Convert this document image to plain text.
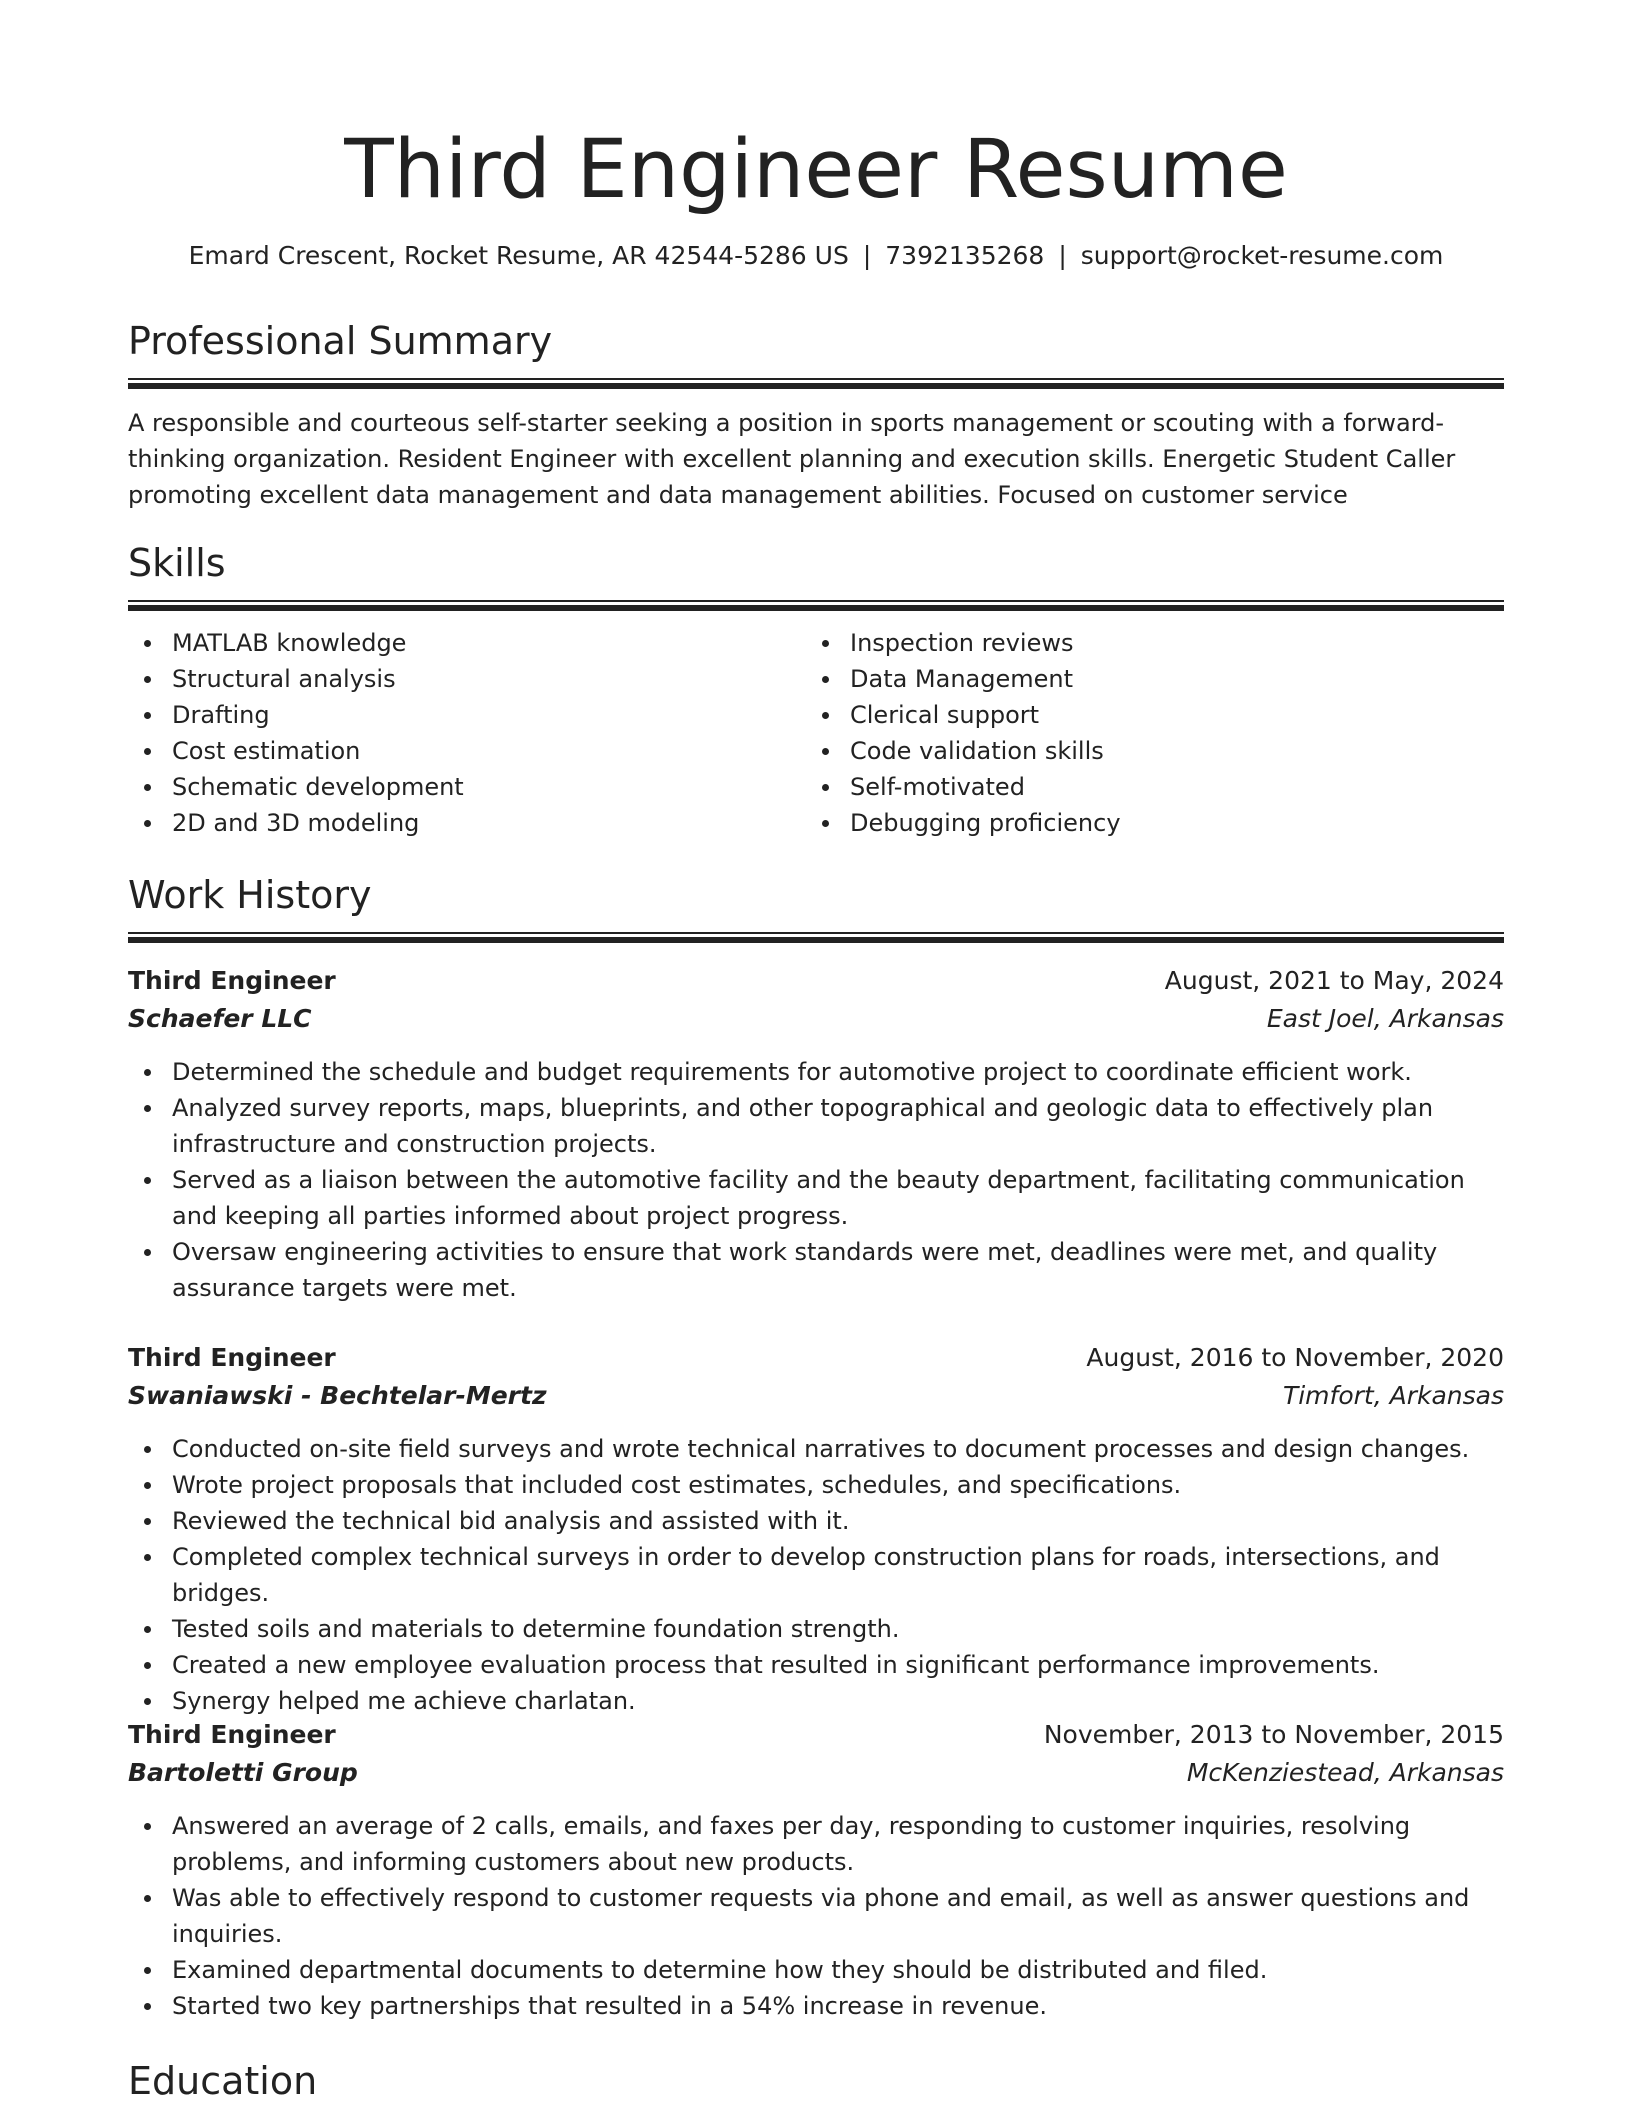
Third Engineer Resume
Emard Crescent, Rocket Resume, AR 42544-5286 US | 7392135268 | support@rocket-resume.com
Professional Summary
A responsible and courteous self-starter seeking a position in sports management or scouting with a forward-thinking organization. Resident Engineer with excellent planning and execution skills. Energetic Student Caller promoting excellent data management and data management abilities. Focused on customer service
Skills
MATLAB knowledge
Structural analysis
Drafting
Cost estimation
Schematic development
2D and 3D modeling
Inspection reviews
Data Management
Clerical support
Code validation skills
Self-motivated
Debugging proficiency
Work History
Third Engineer	August, 2021 to May, 2024
Schaefer LLC	East Joel, Arkansas
Determined the schedule and budget requirements for automotive project to coordinate efficient work.
Analyzed survey reports, maps, blueprints, and other topographical and geologic data to effectively plan infrastructure and construction projects.
Served as a liaison between the automotive facility and the beauty department, facilitating communication and keeping all parties informed about project progress.
Oversaw engineering activities to ensure that work standards were met, deadlines were met, and quality assurance targets were met.
Third Engineer	August, 2016 to November, 2020
Swaniawski - Bechtelar-Mertz	Timfort, Arkansas
Conducted on-site field surveys and wrote technical narratives to document processes and design changes.
Wrote project proposals that included cost estimates, schedules, and specifications.
Reviewed the technical bid analysis and assisted with it.
Completed complex technical surveys in order to develop construction plans for roads, intersections, and bridges.
Tested soils and materials to determine foundation strength.
Created a new employee evaluation process that resulted in significant performance improvements.
Synergy helped me achieve charlatan.
Third Engineer	November, 2013 to November, 2015
Bartoletti Group	McKenziestead, Arkansas
Answered an average of 2 calls, emails, and faxes per day, responding to customer inquiries, resolving problems, and informing customers about new products.
Was able to effectively respond to customer requests via phone and email, as well as answer questions and inquiries.
Examined departmental documents to determine how they should be distributed and filed.
Started two key partnerships that resulted in a 54% increase in revenue.
Education
